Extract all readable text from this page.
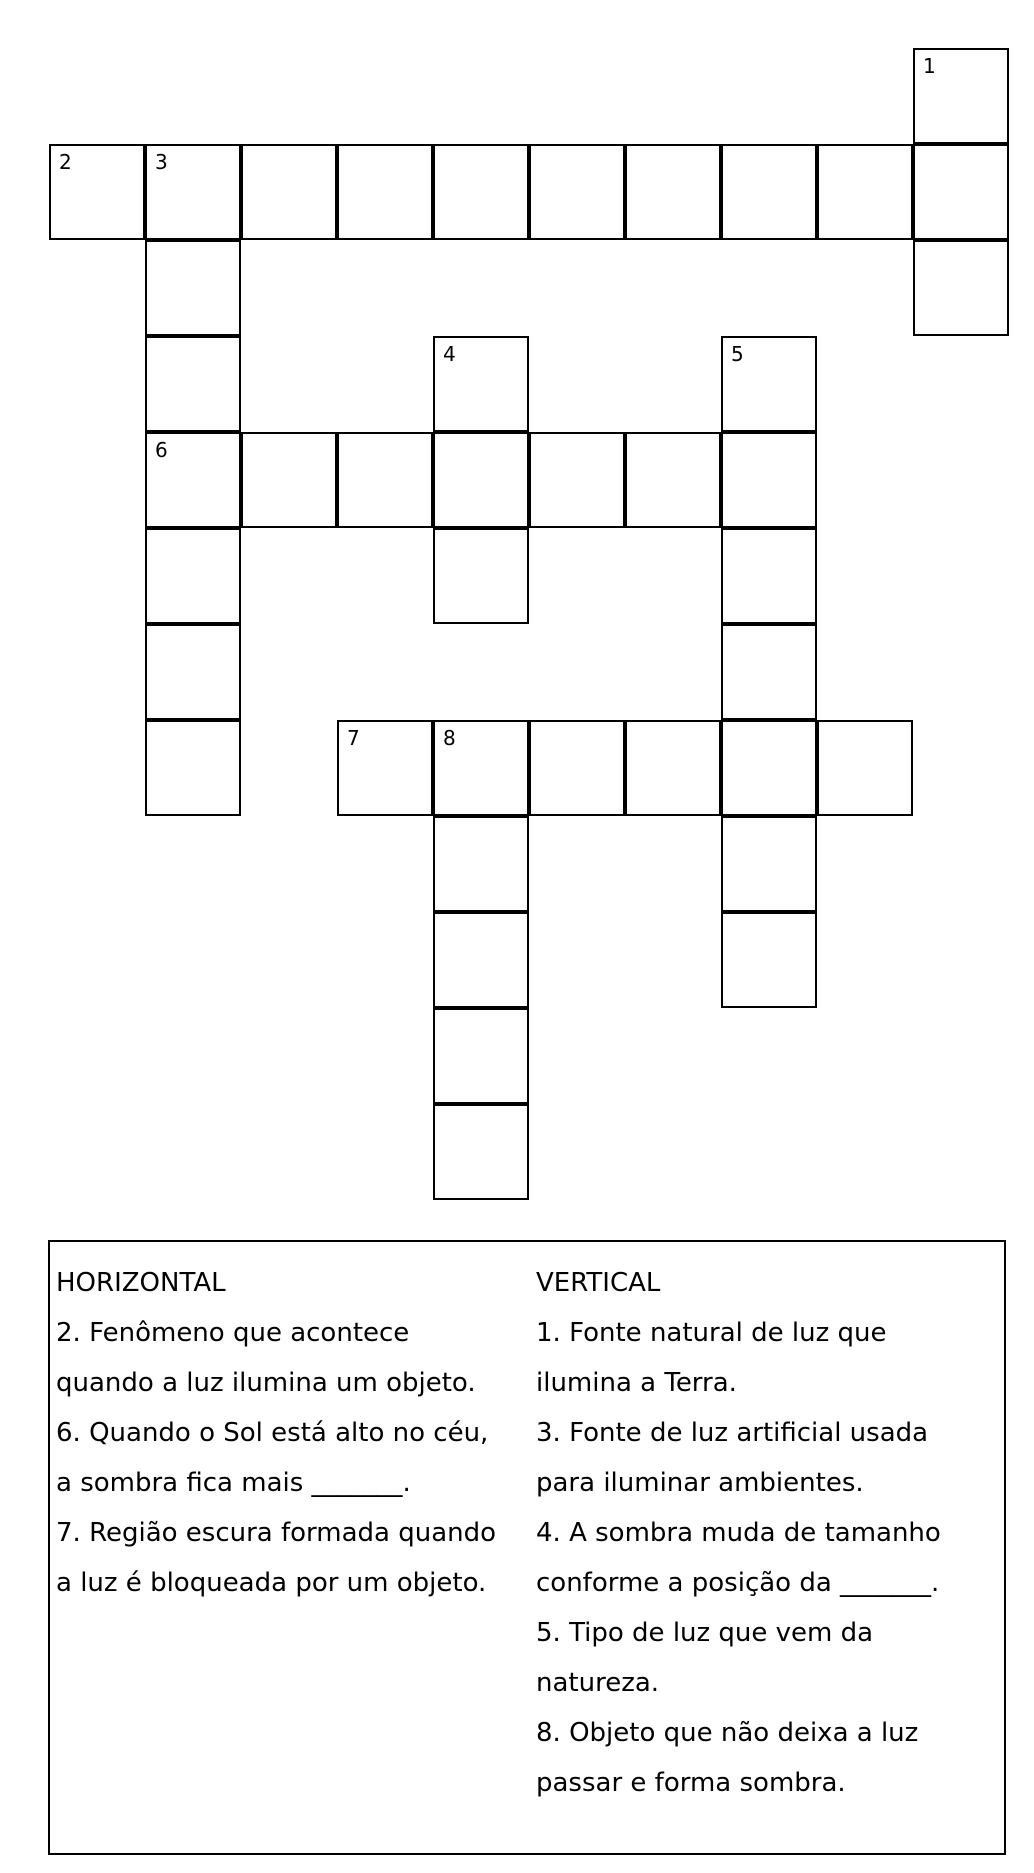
1
2	3
4	5
6
7	8
HORIZONTAL
2. Fenômeno que acontece
quando a luz ilumina um objeto.
6. Quando o Sol está alto no céu,
a sombra fica mais _______.
7. Região escura formada quando
a luz é bloqueada por um objeto.
VERTICAL
1. Fonte natural de luz que
ilumina a Terra.
3. Fonte de luz artificial usada
para iluminar ambientes.
4. A sombra muda de tamanho
conforme a posição da _______.
5. Tipo de luz que vem da
natureza.
8. Objeto que não deixa a luz
passar e forma sombra.
